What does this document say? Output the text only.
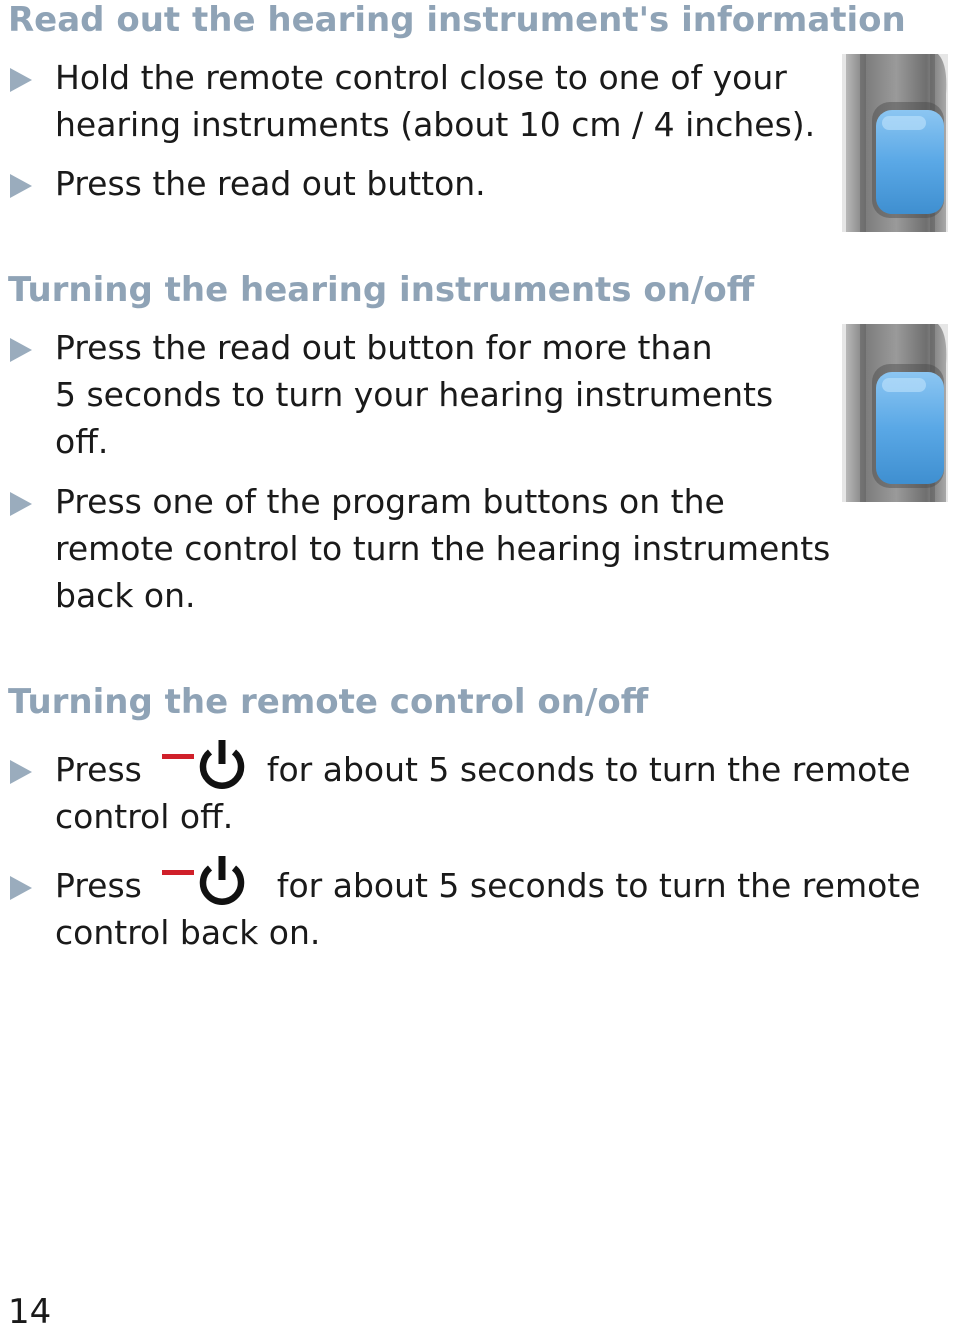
Read out the hearing instrument's information

Hold the remote control close to one of your
hearing instruments (about 10 cm / 4 inches).

Press the read out button.

Turning the hearing instruments on/off

Press the read out button for more than
5 seconds to turn your hearing instruments
off.

Press one of the program buttons on the
remote control to turn the hearing instruments
back on.

Turning the remote control on/off

Press	for about 5 seconds to turn the remote
control off.

Press	for about 5 seconds to turn the remote
control back on.

14
